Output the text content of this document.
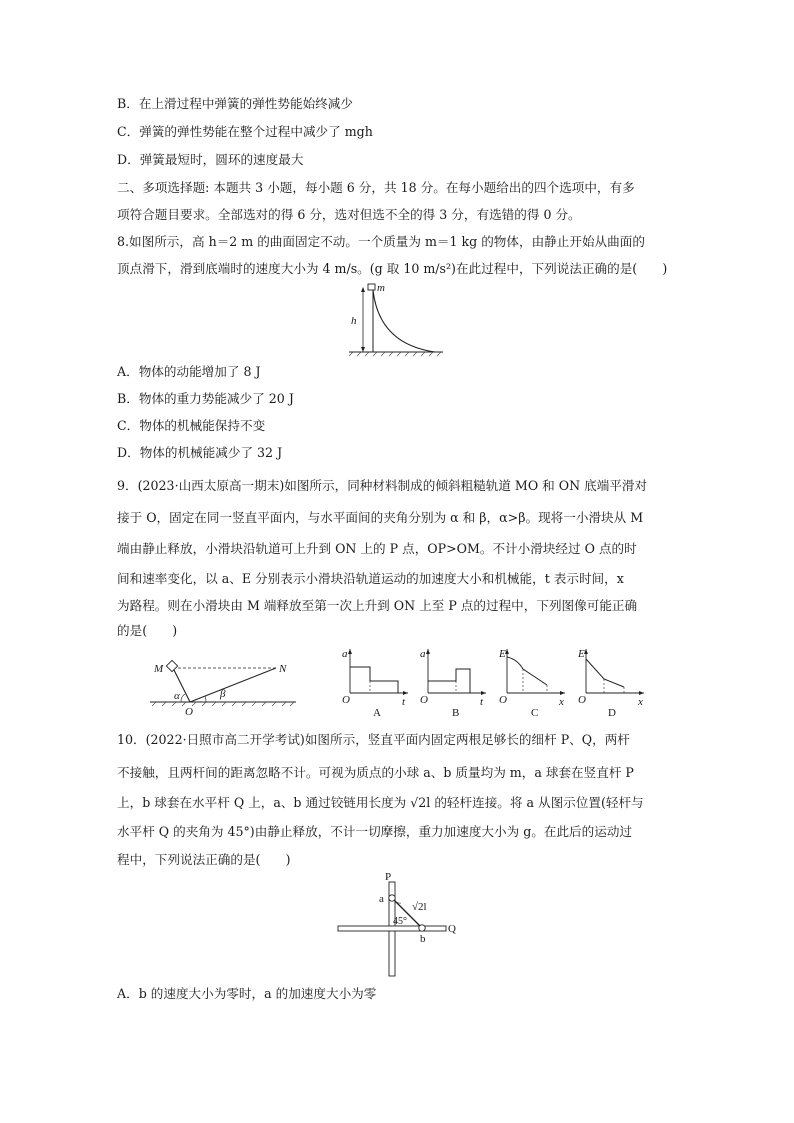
B．在上滑过程中弹簧的弹性势能始终减少
C．弹簧的弹性势能在整个过程中减少了 mgh
D．弹簧最短时，圆环的速度最大
二、多项选择题: 本题共 3 小题，每小题 6 分，共 18 分。在每小题给出的四个选项中，有多
项符合题目要求。全部选对的得 6 分，选对但选不全的得 3 分，有选错的得 0 分。
8.如图所示，高 h＝2 m 的曲面固定不动。一个质量为 m＝1 kg 的物体，由静止开始从曲面的
顶点滑下，滑到底端时的速度大小为 4 m/s。(g 取 10 m/s²)在此过程中，下列说法正确的是(　　)
m
h
A．物体的动能增加了 8 J
B．物体的重力势能减少了 20 J
C．物体的机械能保持不变
D．物体的机械能减少了 32 J
9．(2023·山西太原高一期末)如图所示，同种材料制成的倾斜粗糙轨道 MO 和 ON 底端平滑对
接于 O，固定在同一竖直平面内，与水平面间的夹角分别为 α 和 β，α>β。现将一小滑块从 M
端由静止释放，小滑块沿轨道可上升到 ON 上的 P 点，OP>OM。不计小滑块经过 O 点的时
间和速率变化，以 a、E 分别表示小滑块沿轨道运动的加速度大小和机械能，t 表示时间，x
为路程。则在小滑块由 M 端释放至第一次上升到 ON 上至 P 点的过程中，下列图像可能正确
的是(　　)
M	N
O
α	β
a
t
O
A
a
t
O
B
E
x
O
C
E
x
O
D
10．(2022·日照市高二开学考试)如图所示，竖直平面内固定两根足够长的细杆 P、Q，两杆
不接触，且两杆间的距离忽略不计。可视为质点的小球 a、b 质量均为 m，a 球套在竖直杆 P
上，b 球套在水平杆 Q 上，a、b 通过铰链用长度为 √2l 的轻杆连接。将 a 从图示位置(轻杆与
水平杆 Q 的夹角为 45°)由静止释放，不计一切摩擦，重力加速度大小为 g。在此后的运动过
程中，下列说法正确的是(　　)
P
Q
a
b
√2l
45°
A．b 的速度大小为零时，a 的加速度大小为零
